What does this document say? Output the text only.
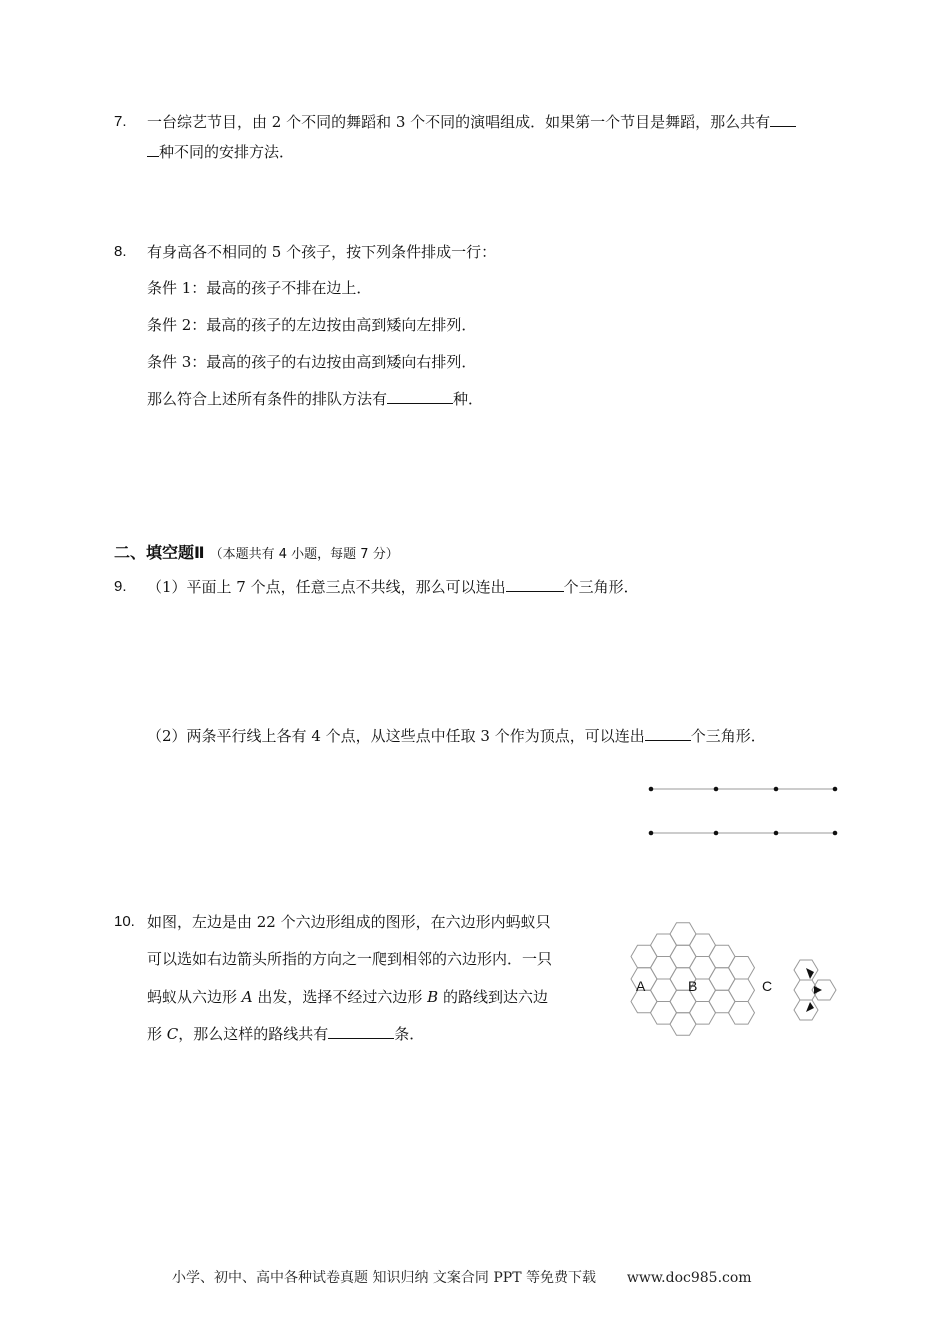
7. 一台综艺节目，由 2 个不同的舞蹈和 3 个不同的演唱组成．如果第一个节目是舞蹈，那么共有
种不同的安排方法．
8. 有身高各不相同的 5 个孩子，按下列条件排成一行：
条件 1：最高的孩子不排在边上．
条件 2：最高的孩子的左边按由高到矮向左排列．
条件 3：最高的孩子的右边按由高到矮向右排列．
那么符合上述所有条件的排队方法有	种．
二、填空题Ⅱ （本题共有 4 小题，每题 7 分）
9. （1）平面上 7 个点，任意三点不共线，那么可以连出	个三角形．
（2）两条平行线上各有 4 个点，从这些点中任取 3 个作为顶点，可以连出	个三角形．
10. 如图，左边是由 22 个六边形组成的图形，在六边形内蚂蚁只
可以选如右边箭头所指的方向之一爬到相邻的六边形内．一只
蚂蚁从六边形 A 出发，选择不经过六边形 B 的路线到达六边
形 C，那么这样的路线共有	条．
A	B	C
小学、初中、高中各种试卷真题 知识归纳 文案合同 PPT 等免费下载 www.doc985.com
